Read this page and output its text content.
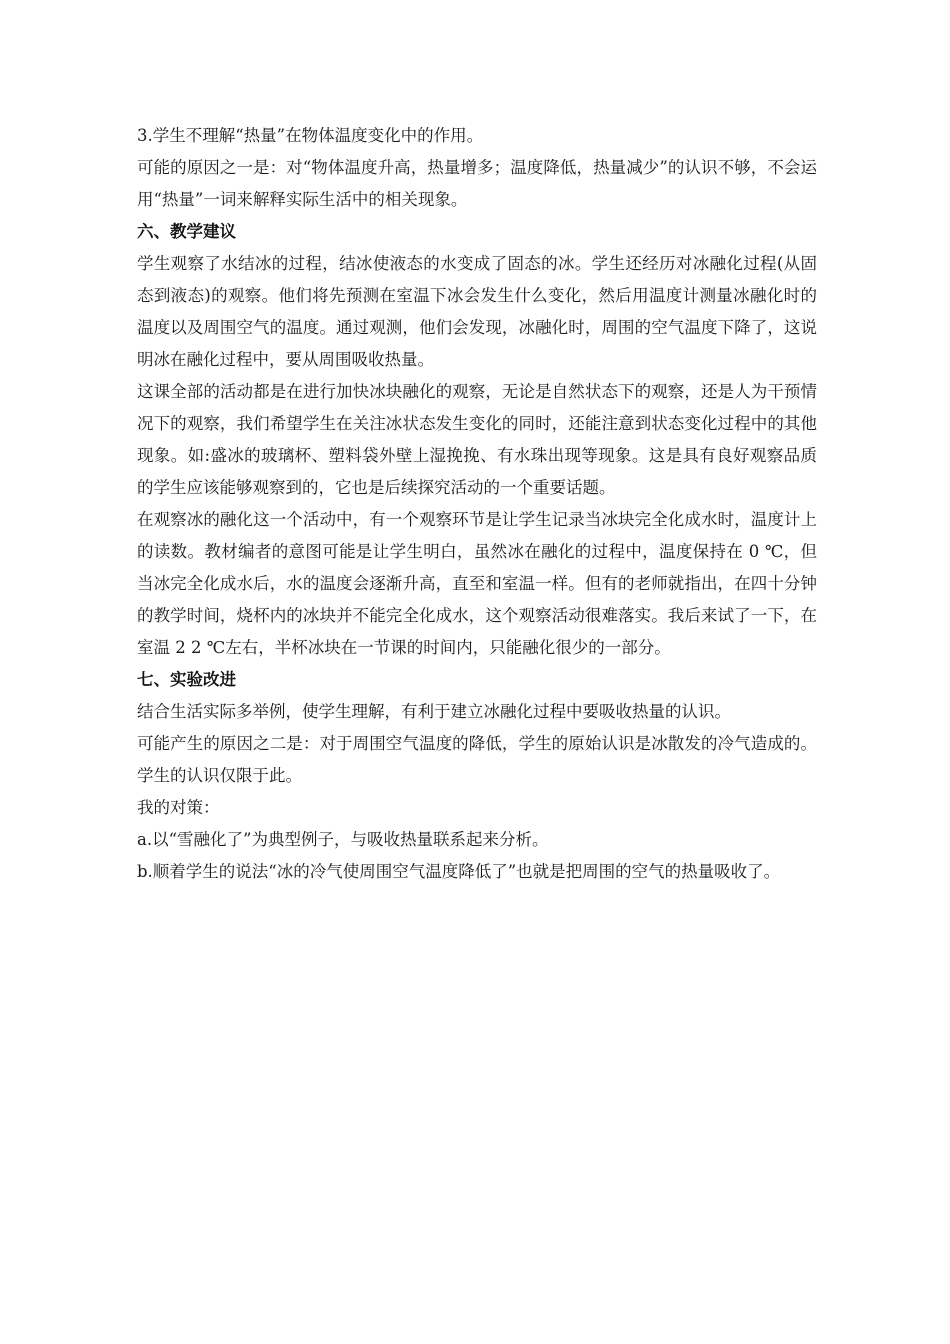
3.学生不理解“热量”在物体温度变化中的作用。

可能的原因之一是：对“物体温度升高，热量增多；温度降低，热量减少”的认识不够，不会运用“热量”一词来解释实际生活中的相关现象。

六、教学建议

学生观察了水结冰的过程，结冰使液态的水变成了固态的冰。学生还经历对冰融化过程(从固态到液态)的观察。他们将先预测在室温下冰会发生什么变化，然后用温度计测量冰融化时的温度以及周围空气的温度。通过观测，他们会发现，冰融化时，周围的空气温度下降了，这说明冰在融化过程中，要从周围吸收热量。

这课全部的活动都是在进行加快冰块融化的观察，无论是自然状态下的观察，还是人为干预情况下的观察，我们希望学生在关注冰状态发生变化的同时，还能注意到状态变化过程中的其他现象。如:盛冰的玻璃杯、塑料袋外壁上湿挽挽、有水珠出现等现象。这是具有良好观察品质的学生应该能够观察到的，它也是后续探究活动的一个重要话题。

在观察冰的融化这一个活动中，有一个观察环节是让学生记录当冰块完全化成水时，温度计上的读数。教材编者的意图可能是让学生明白，虽然冰在融化的过程中，温度保持在 0 ℃，但当冰完全化成水后，水的温度会逐渐升高，直至和室温一样。但有的老师就指出，在四十分钟的教学时间，烧杯内的冰块并不能完全化成水，这个观察活动很难落实。我后来试了一下，在室温 2 2 ℃左右，半杯冰块在一节课的时间内，只能融化很少的一部分。

七、实验改进

结合生活实际多举例，使学生理解，有利于建立冰融化过程中要吸收热量的认识。

可能产生的原因之二是：对于周围空气温度的降低，学生的原始认识是冰散发的冷气造成的。学生的认识仅限于此。

我的对策：

a.以“雪融化了”为典型例子，与吸收热量联系起来分析。

b.顺着学生的说法“冰的冷气使周围空气温度降低了”也就是把周围的空气的热量吸收了。
